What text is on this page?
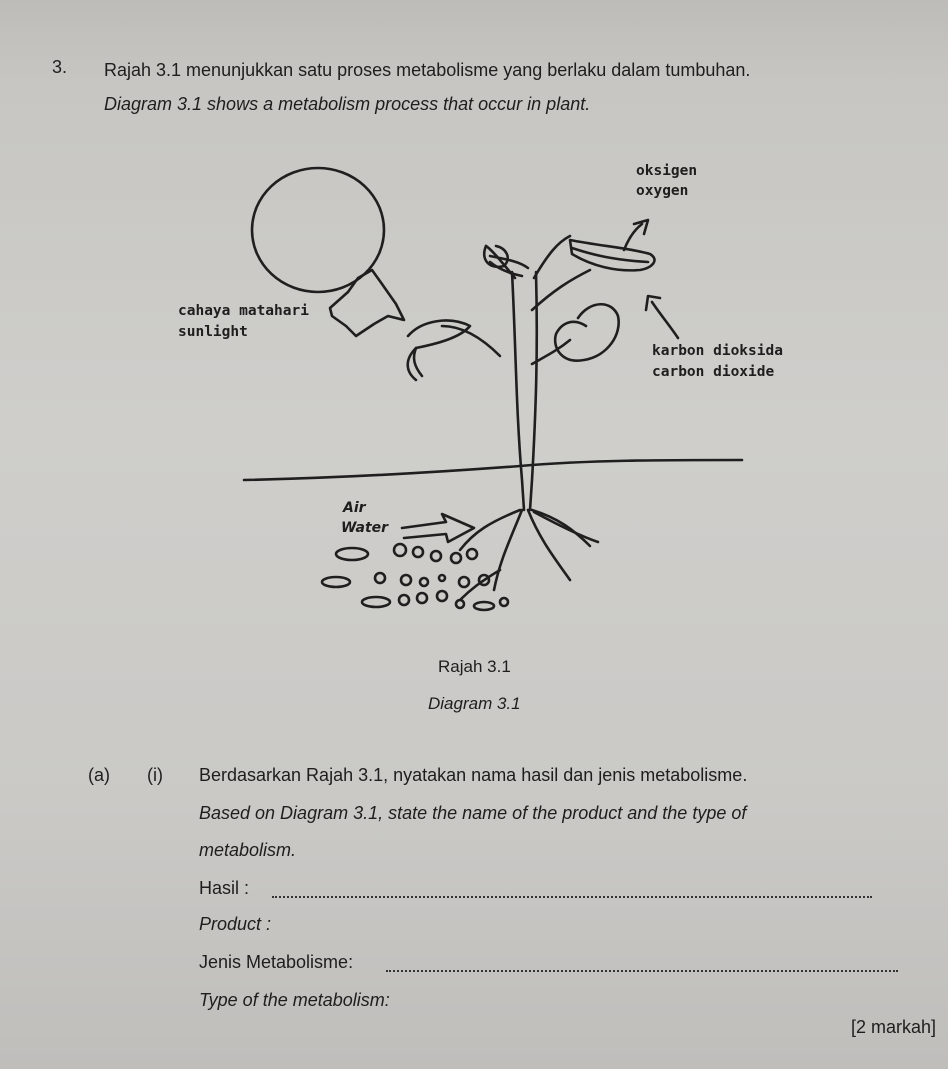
3. Rajah 3.1 menunjukkan satu proses metabolisme yang berlaku dalam tumbuhan.
Diagram 3.1 shows a metabolism process that occur in plant.
oksigen
oxygen
cahaya matahari
sunlight
karbon dioksida
carbon dioxide
Air
Water
Rajah 3.1
Diagram 3.1
(a) (i) Berdasarkan Rajah 3.1, nyatakan nama hasil dan jenis metabolisme.
Based on Diagram 3.1, state the name of the product and the type of
metabolism.
Hasil :
Product :
Jenis Metabolisme:
Type of the metabolism:
[2 markah]
